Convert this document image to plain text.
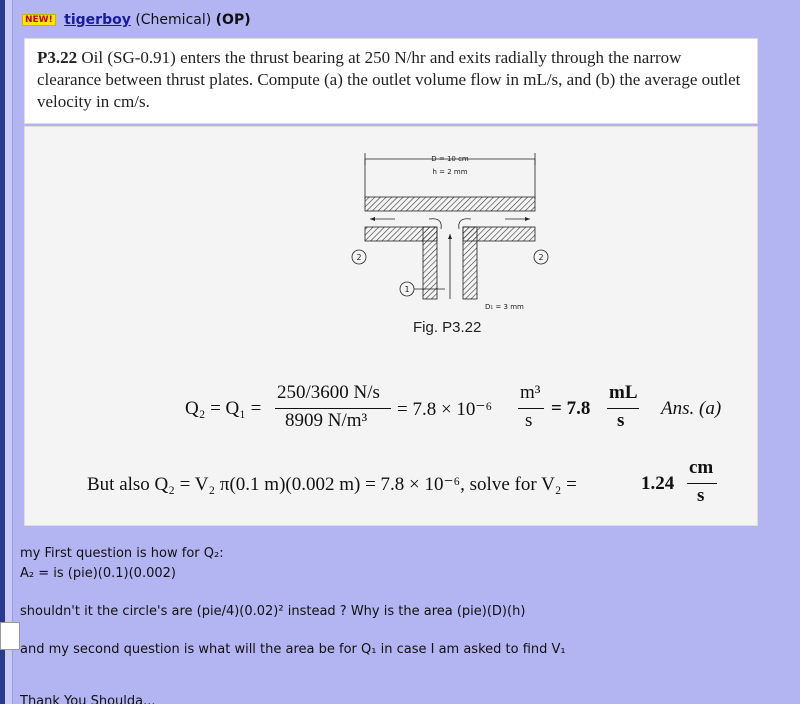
NEW! tigerboy (Chemical) (OP)
P3.22 Oil (SG-0.91) enters the thrust bearing at 250 N/hr and exits radially through the narrow clearance between thrust plates. Compute (a) the outlet volume flow in mL/s, and (b) the average outlet velocity in cm/s.
D = 10 cm
h = 2 mm
2	2
1
D₁ = 3 mm
Fig. P3.22
Q₂ = Q₁ =
250/3600 N/s
8909 N/m³
= 7.8 × 10⁻⁶
m³
s
= 7.8
mL
s
Ans. (a)
But also Q₂ = V₂ π(0.1 m)(0.002 m) = 7.8 × 10⁻⁶, solve for V₂ =	1.24
cm
s
my First question is how for Q₂:
A₂ = is (pie)(0.1)(0.002)
shouldn't it the circle's are (pie/4)(0.02)² instead ? Why is the area (pie)(D)(h)
and my second question is what will the area be for Q₁ in case I am asked to find V₁
Thank You Shoulda...
